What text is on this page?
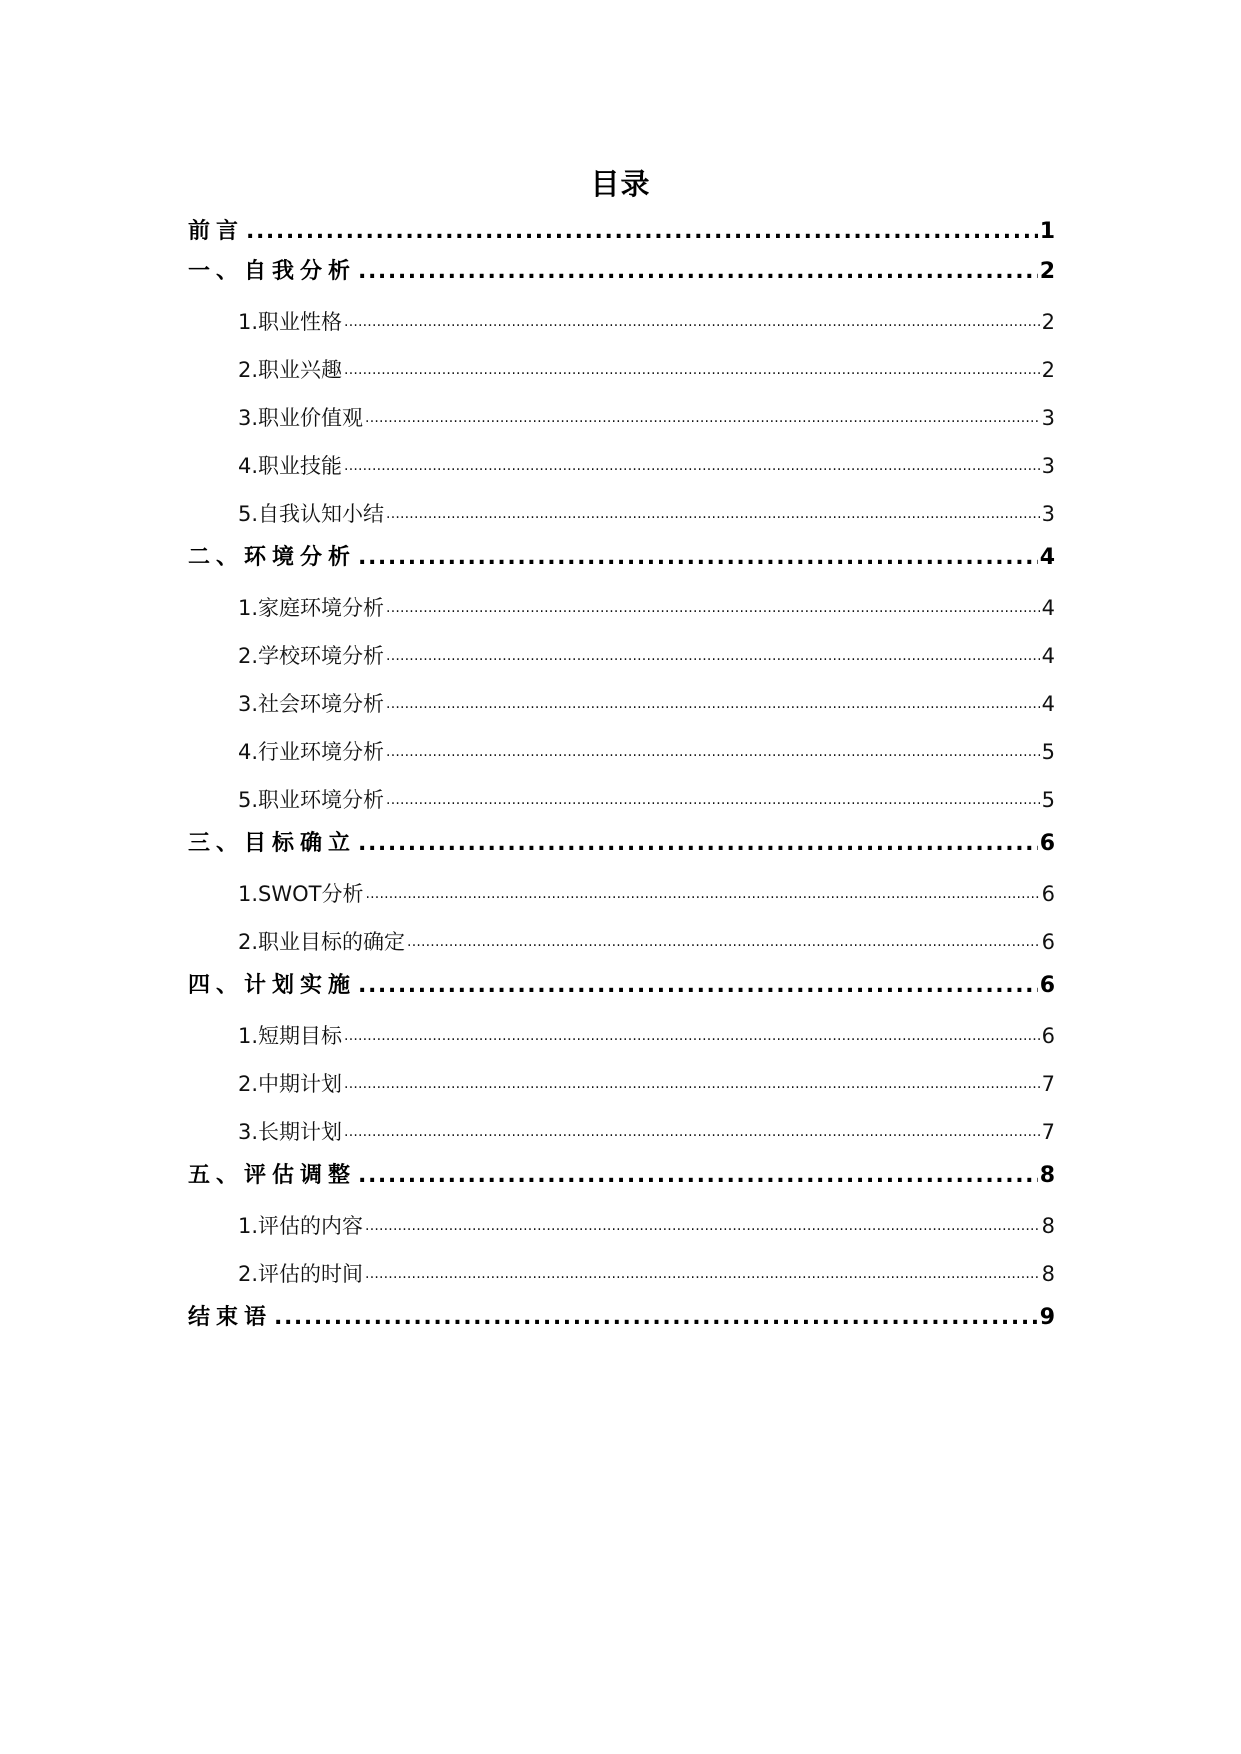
目录
前言 .....	1
一、自我分析 .....	2
1.职业性格 .....	2
2.职业兴趣 .....	2
3.职业价值观 .....	3
4.职业技能 .....	3
5.自我认知小结 .....	3
二、环境分析 .....	4
1.家庭环境分析 .....	4
2.学校环境分析 .....	4
3.社会环境分析 .....	4
4.行业环境分析 .....	5
5.职业环境分析 .....	5
三、目标确立 .....	6
1.SWOT分析 .....	6
2.职业目标的确定 .....	6
四、计划实施 .....	6
1.短期目标 .....	6
2.中期计划 .....	7
3.长期计划 .....	7
五、评估调整 .....	8
1.评估的内容 .....	8
2.评估的时间 .....	8
结束语 .....	9
